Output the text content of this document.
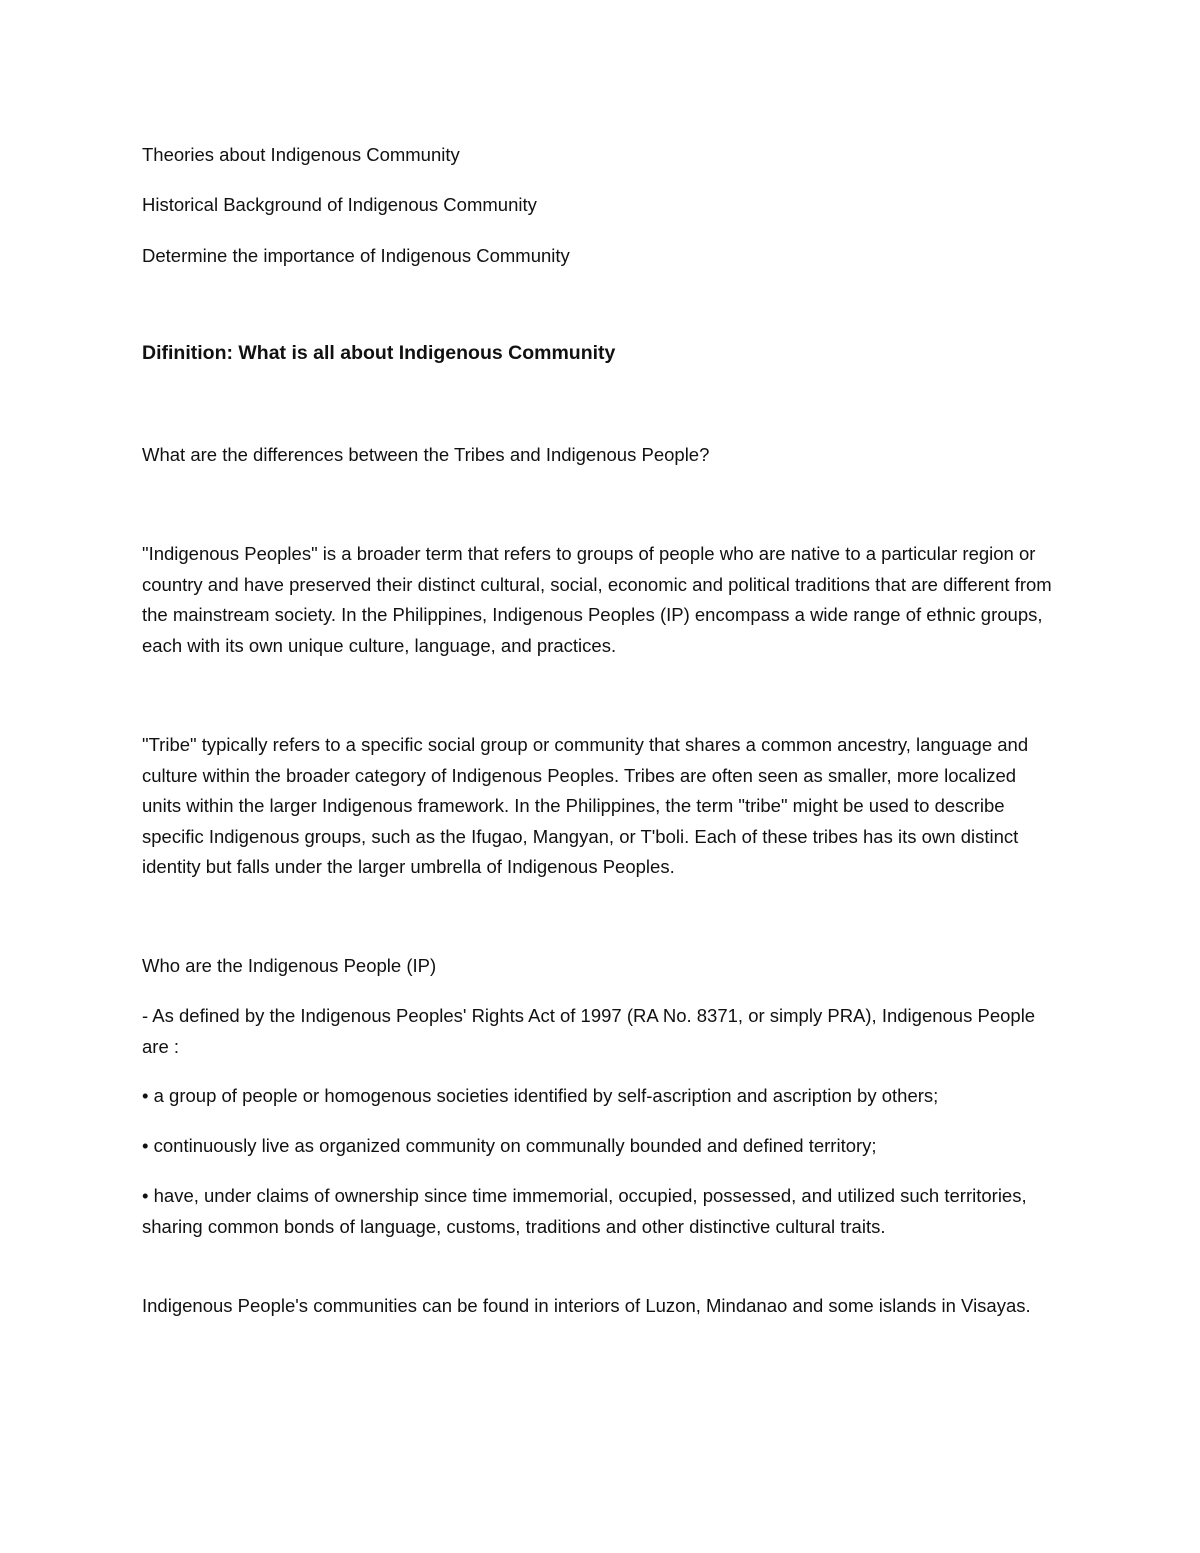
Theories about Indigenous Community
Historical Background of Indigenous Community
Determine the importance of Indigenous Community
Difinition: What is all about Indigenous Community
What are the differences between the Tribes and Indigenous People?

"Indigenous Peoples" is a broader term that refers to groups of people who are native to a particular region or country and have preserved their distinct cultural, social, economic and political traditions that are different from the mainstream society. In the Philippines, Indigenous Peoples (IP) encompass a wide range of ethnic groups, each with its own unique culture, language, and practices.

"Tribe" typically refers to a specific social group or community that shares a common ancestry, language and culture within the broader category of Indigenous Peoples. Tribes are often seen as smaller, more localized units within the larger Indigenous framework. In the Philippines, the term "tribe" might be used to describe specific Indigenous groups, such as the Ifugao, Mangyan, or T'boli. Each of these tribes has its own distinct identity but falls under the larger umbrella of Indigenous Peoples.

Who are the Indigenous People (IP)

- As defined by the Indigenous Peoples' Rights Act of 1997 (RA No. 8371, or simply PRA), Indigenous People are :

• a group of people or homogenous societies identified by self-ascription and ascription by others;

• continuously live as organized community on communally bounded and defined territory;

• have, under claims of ownership since time immemorial, occupied, possessed, and utilized such territories, sharing common bonds of language, customs, traditions and other distinctive cultural traits.

Indigenous People's communities can be found in interiors of Luzon, Mindanao and some islands in Visayas.
